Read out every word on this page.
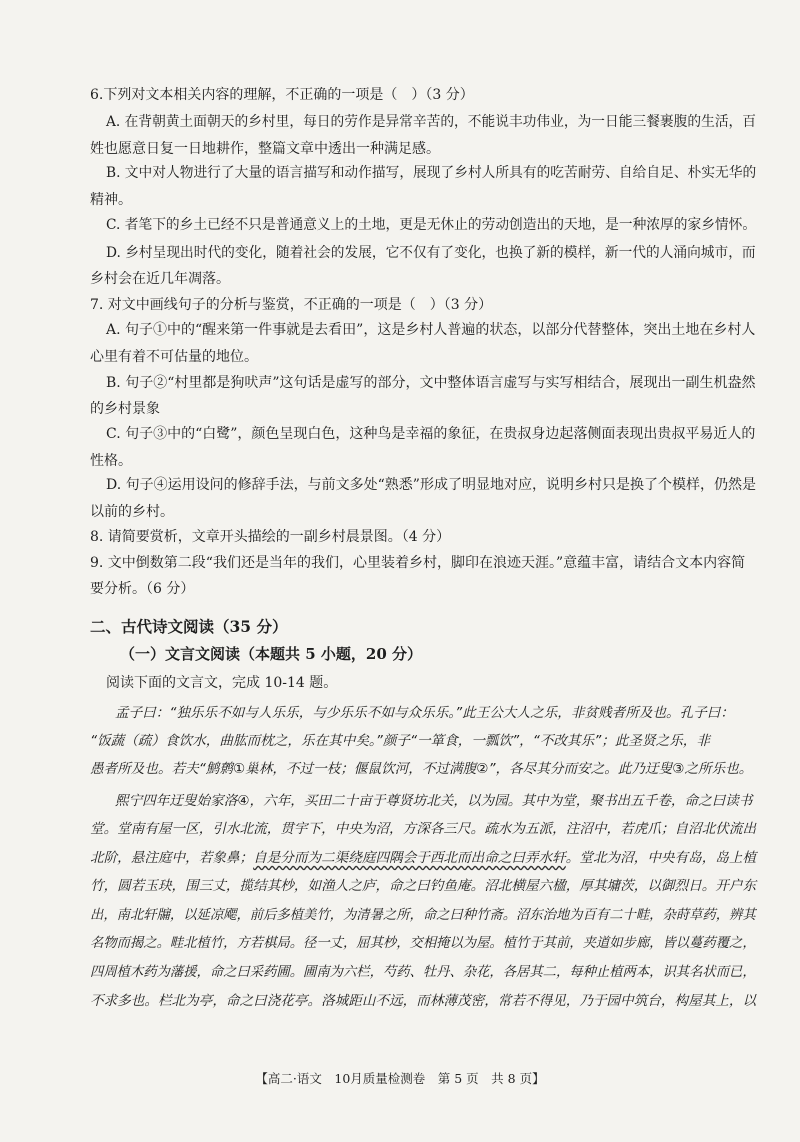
6.下列对文本相关内容的理解，不正确的一项是（　）（3 分）
A. 在背朝黄土面朝天的乡村里，每日的劳作是异常辛苦的，不能说丰功伟业，为一日能三餐裹腹的生活，百
姓也愿意日复一日地耕作，整篇文章中透出一种满足感。
B. 文中对人物进行了大量的语言描写和动作描写，展现了乡村人所具有的吃苦耐劳、自给自足、朴实无华的
精神。
C. 者笔下的乡土已经不只是普通意义上的土地，更是无休止的劳动创造出的天地，是一种浓厚的家乡情怀。
D. 乡村呈现出时代的变化，随着社会的发展，它不仅有了变化，也换了新的模样，新一代的人涌向城市，而
乡村会在近几年凋落。
7. 对文中画线句子的分析与鉴赏，不正确的一项是（　）（3 分）
A. 句子①中的“醒来第一件事就是去看田”，这是乡村人普遍的状态，以部分代替整体，突出土地在乡村人
心里有着不可估量的地位。
B. 句子②“村里都是狗吠声”这句话是虚写的部分，文中整体语言虚写与实写相结合，展现出一副生机盎然
的乡村景象
C. 句子③中的“白鹭”，颜色呈现白色，这种鸟是幸福的象征，在贵叔身边起落侧面表现出贵叔平易近人的
性格。
D. 句子④运用设问的修辞手法，与前文多处“熟悉”形成了明显地对应，说明乡村只是换了个模样，仍然是
以前的乡村。
8. 请简要赏析，文章开头描绘的一副乡村晨景图。（4 分）
9. 文中倒数第二段“我们还是当年的我们，心里装着乡村，脚印在浪迹天涯。”意蕴丰富，请结合文本内容简
要分析。（6 分）
二、古代诗文阅读（35 分）
（一）文言文阅读（本题共 5 小题，20 分）
阅读下面的文言文，完成 10-14 题。
孟子曰：“独乐乐不如与人乐乐，与少乐乐不如与众乐乐。”此王公大人之乐，非贫贱者所及也。孔子曰：
“饭蔬（疏）食饮水，曲肱而枕之，乐在其中矣。”颜子“一箪食，一瓢饮”，“不改其乐”；此圣贤之乐，非
愚者所及也。若夫“鹪鹩①巢林，不过一枝；偃鼠饮河，不过满腹②”，各尽其分而安之。此乃迂叟③之所乐也。
熙宁四年迂叟始家洛④，六年，买田二十亩于尊贤坊北关，以为园。其中为堂，聚书出五千卷，命之曰读书
堂。堂南有屋一区，引水北流，贯宇下，中央为沼，方深各三尺。疏水为五派，注沼中，若虎爪；自沼北伏流出
北阶，悬注庭中，若象鼻；自是分而为二渠绕庭四隅会于西北而出命之曰弄水轩。堂北为沼，中央有岛，岛上植
竹，圆若玉玦，围三丈，揽结其杪，如渔人之庐，命之曰钓鱼庵。沼北横屋六楹，厚其墉茨，以御烈日。开户东
出，南北轩牖，以延凉飔，前后多植美竹，为清暑之所，命之曰种竹斋。沼东治地为百有二十畦，杂莳草药，辨其
名物而揭之。畦北植竹，方若棋局。径一丈，屈其杪，交相掩以为屋。植竹于其前，夹道如步廊，皆以蔓药覆之，
四周植木药为藩援，命之曰采药圃。圃南为六栏，芍药、牡丹、杂花，各居其二，每种止植两本，识其名状而已，
不求多也。栏北为亭，命之曰浇花亭。洛城距山不远，而林薄茂密，常若不得见，乃于园中筑台，构屋其上，以
【高二·语文　10月质量检测卷　第 5 页　共 8 页】
